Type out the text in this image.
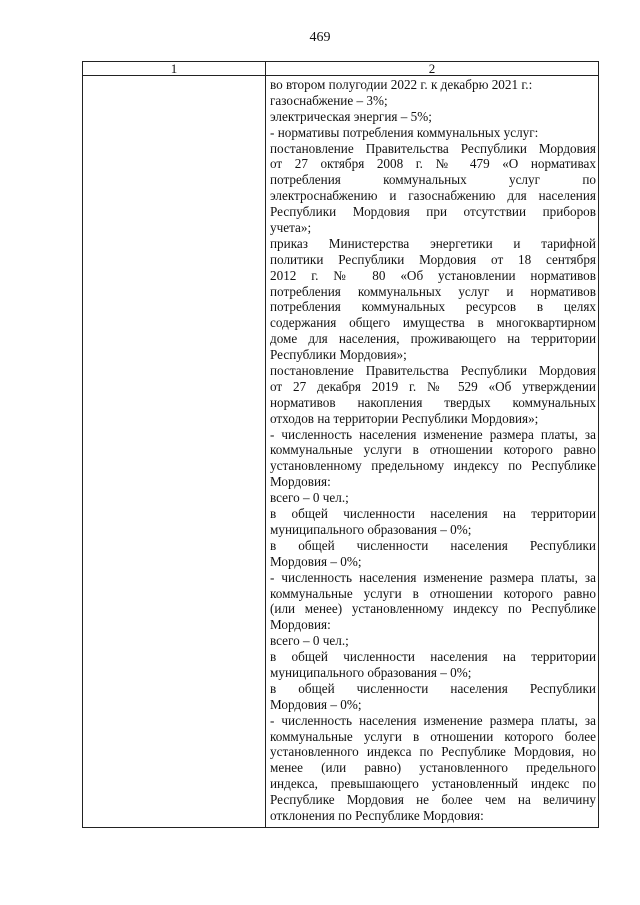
469
1	2
во втором полугодии 2022 г. к декабрю 2021 г.:
газоснабжение – 3%;
электрическая энергия – 5%;
- нормативы потребления коммунальных услуг:
постановление Правительства Республики Мордовия
от 27 октября 2008 г. № 479 «О нормативах
потребления коммунальных услуг по
электроснабжению и газоснабжению для населения
Республики Мордовия при отсутствии приборов
учета»;
приказ Министерства энергетики и тарифной
политики Республики Мордовия от 18 сентября
2012 г. № 80 «Об установлении нормативов
потребления коммунальных услуг и нормативов
потребления коммунальных ресурсов в целях
содержания общего имущества в многоквартирном
доме для населения, проживающего на территории
Республики Мордовия»;
постановление Правительства Республики Мордовия
от 27 декабря 2019 г. № 529 «Об утверждении
нормативов накопления твердых коммунальных
отходов на территории Республики Мордовия»;
- численность населения изменение размера платы, за
коммунальные услуги в отношении которого равно
установленному предельному индексу по Республике
Мордовия:
всего – 0 чел.;
в общей численности населения на территории
муниципального образования – 0%;
в общей численности населения Республики
Мордовия – 0%;
- численность населения изменение размера платы, за
коммунальные услуги в отношении которого равно
(или менее) установленному индексу по Республике
Мордовия:
всего – 0 чел.;
в общей численности населения на территории
муниципального образования – 0%;
в общей численности населения Республики
Мордовия – 0%;
- численность населения изменение размера платы, за
коммунальные услуги в отношении которого более
установленного индекса по Республике Мордовия, но
менее (или равно) установленного предельного
индекса, превышающего установленный индекс по
Республике Мордовия не более чем на величину
отклонения по Республике Мордовия:
